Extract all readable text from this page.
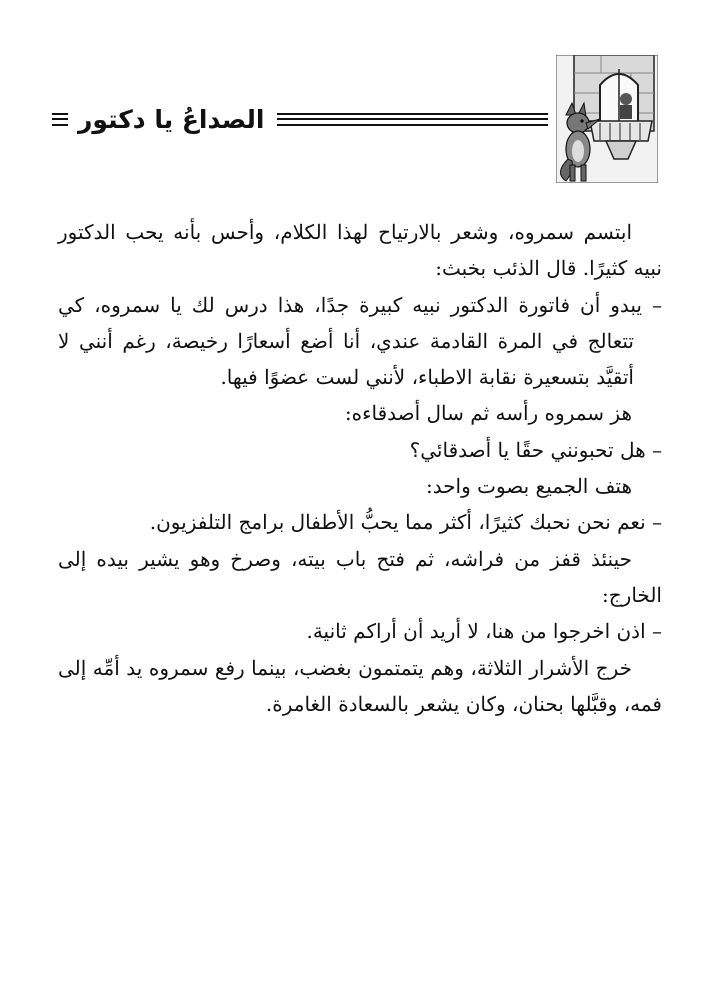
الصداعُ يا دكتور

ابتسم سمروه، وشعر بالارتياح لهذا الكلام، وأحس بأنه يحب الدكتور نبيه كثيرًا. قال الذئب بخبث:

– يبدو أن فاتورة الدكتور نبيه كبيرة جدًا، هذا درس لك يا سمروه، كي تتعالج في المرة القادمة عندي، أنا أضع أسعارًا رخيصة، رغم أنني لا أتقيَّد بتسعيرة نقابة الاطباء، لأنني لست عضوًا فيها.

هز سمروه رأسه ثم سال أصدقاءه:

– هل تحبونني حقًا يا أصدقائي؟

هتف الجميع بصوت واحد:

– نعم نحن نحبك كثيرًا، أكثر مما يحبُّ الأطفال برامج التلفزيون.

حينئذ قفز من فراشه، ثم فتح باب بيته، وصرخ وهو يشير بيده إلى الخارج:

– اذن اخرجوا من هنا، لا أريد أن أراكم ثانية.

خرج الأشرار الثلاثة، وهم يتمتمون بغضب، بينما رفع سمروه يد أمِّه إلى فمه، وقبَّلها بحنان، وكان يشعر بالسعادة الغامرة.
